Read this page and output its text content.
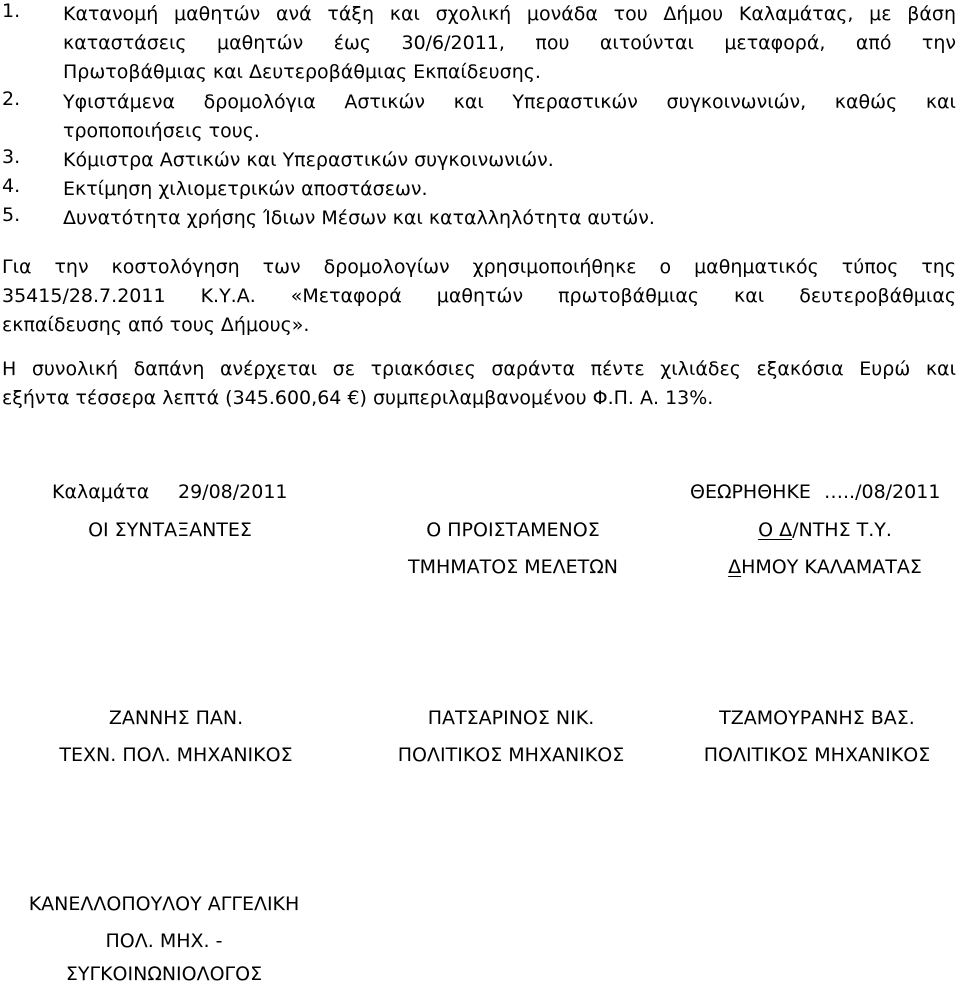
1. Κατανομή μαθητών ανά τάξη και σχολική μονάδα του Δήμου Καλαμάτας, με βάση
καταστάσεις μαθητών έως 30/6/2011, που αιτούνται μεταφορά, από την
Πρωτοβάθμιας και Δευτεροβάθμιας Εκπαίδευσης.
2. Υφιστάμενα δρομολόγια Αστικών και Υπεραστικών συγκοινωνιών, καθώς και
τροποποιήσεις τους.
3. Κόμιστρα Αστικών και Υπεραστικών συγκοινωνιών.
4. Εκτίμηση χιλιομετρικών αποστάσεων.
5. Δυνατότητα χρήσης Ίδιων Μέσων και καταλληλότητα αυτών.
Για την κοστολόγηση των δρομολογίων χρησιμοποιήθηκε ο μαθηματικός τύπος της
35415/28.7.2011 Κ.Υ.Α. «Μεταφορά μαθητών πρωτοβάθμιας και δευτεροβάθμιας
εκπαίδευσης από τους Δήμους».
Η συνολική δαπάνη ανέρχεται σε τριακόσιες σαράντα πέντε χιλιάδες εξακόσια Ευρώ και
εξήντα τέσσερα λεπτά (345.600,64 €) συμπεριλαμβανομένου Φ.Π. Α. 13%.
Καλαμάτα 29/08/2011	ΘΕΩΡΗΘΗΚΕ …../08/2011
ΟΙ ΣΥΝΤΑΞΑΝΤΕΣ	Ο ΠΡΟΙΣΤΑΜΕΝΟΣ
ΤΜΗΜΑΤΟΣ ΜΕΛΕΤΩΝ
Ο Δ/ΝΤΗΣ Τ.Υ.
ΔΗΜΟΥ ΚΑΛΑΜΑΤΑΣ
ΖΑΝΝΗΣ ΠΑΝ.
ΤΕΧΝ. ΠΟΛ. ΜΗΧΑΝΙΚΟΣ
ΠΑΤΣΑΡΙΝΟΣ ΝΙΚ.
ΠΟΛΙΤΙΚΟΣ ΜΗΧΑΝΙΚΟΣ
ΤΖΑΜΟΥΡΑΝΗΣ ΒΑΣ.
ΠΟΛΙΤΙΚΟΣ ΜΗΧΑΝΙΚΟΣ
ΚΑΝΕΛΛΟΠΟΥΛΟΥ ΑΓΓΕΛΙΚΗ
ΠΟΛ. ΜΗΧ. -
ΣΥΓΚΟΙΝΩΝΙΟΛΟΓΟΣ
